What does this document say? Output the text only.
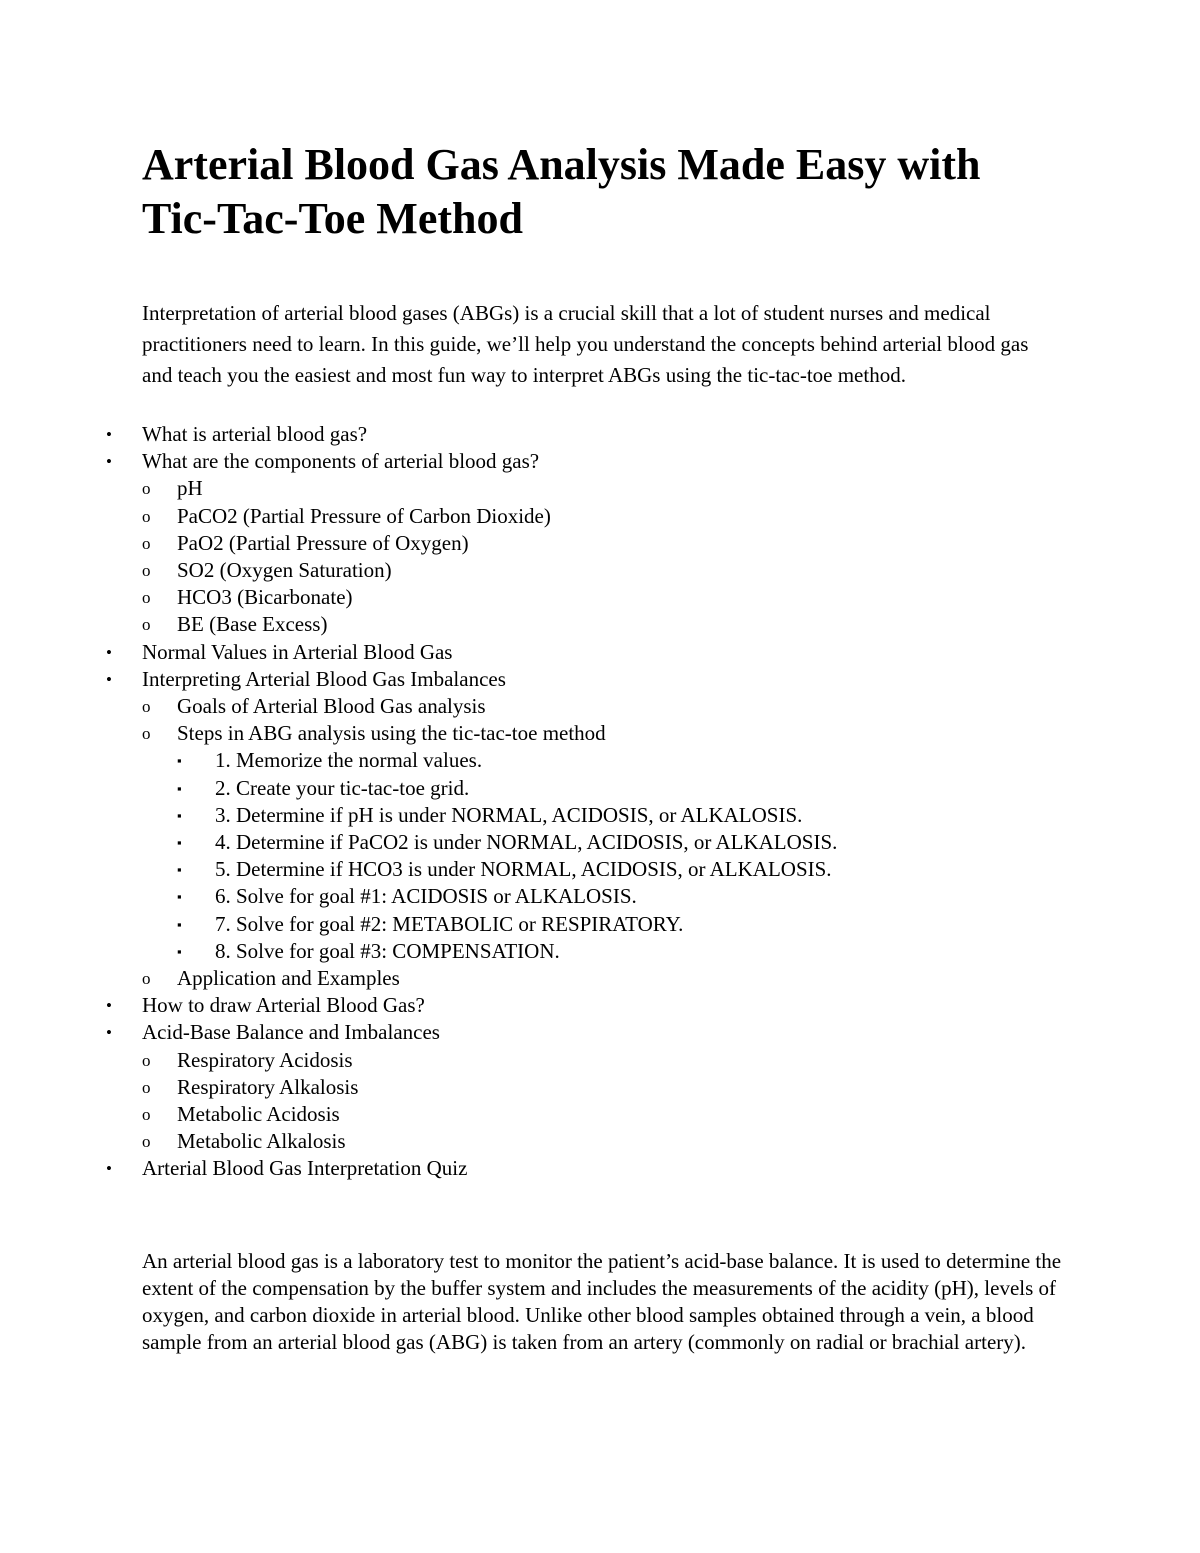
Arterial Blood Gas Analysis Made Easy with Tic-Tac-Toe Method

Interpretation of arterial blood gases (ABGs) is a crucial skill that a lot of student nurses and medical practitioners need to learn. In this guide, we’ll help you understand the concepts behind arterial blood gas and teach you the easiest and most fun way to interpret ABGs using the tic-tac-toe method.

• What is arterial blood gas?
• What are the components of arterial blood gas?
o pH
o PaCO2 (Partial Pressure of Carbon Dioxide)
o PaO2 (Partial Pressure of Oxygen)
o SO2 (Oxygen Saturation)
o HCO3 (Bicarbonate)
o BE (Base Excess)
• Normal Values in Arterial Blood Gas
• Interpreting Arterial Blood Gas Imbalances
o Goals of Arterial Blood Gas analysis
o Steps in ABG analysis using the tic-tac-toe method
▪ 1. Memorize the normal values.
▪ 2. Create your tic-tac-toe grid.
▪ 3. Determine if pH is under NORMAL, ACIDOSIS, or ALKALOSIS.
▪ 4. Determine if PaCO2 is under NORMAL, ACIDOSIS, or ALKALOSIS.
▪ 5. Determine if HCO3 is under NORMAL, ACIDOSIS, or ALKALOSIS.
▪ 6. Solve for goal #1: ACIDOSIS or ALKALOSIS.
▪ 7. Solve for goal #2: METABOLIC or RESPIRATORY.
▪ 8. Solve for goal #3: COMPENSATION.
o Application and Examples
• How to draw Arterial Blood Gas?
• Acid-Base Balance and Imbalances
o Respiratory Acidosis
o Respiratory Alkalosis
o Metabolic Acidosis
o Metabolic Alkalosis
• Arterial Blood Gas Interpretation Quiz

An arterial blood gas is a laboratory test to monitor the patient’s acid-base balance. It is used to determine the extent of the compensation by the buffer system and includes the measurements of the acidity (pH), levels of oxygen, and carbon dioxide in arterial blood. Unlike other blood samples obtained through a vein, a blood sample from an arterial blood gas (ABG) is taken from an artery (commonly on radial or brachial artery).
